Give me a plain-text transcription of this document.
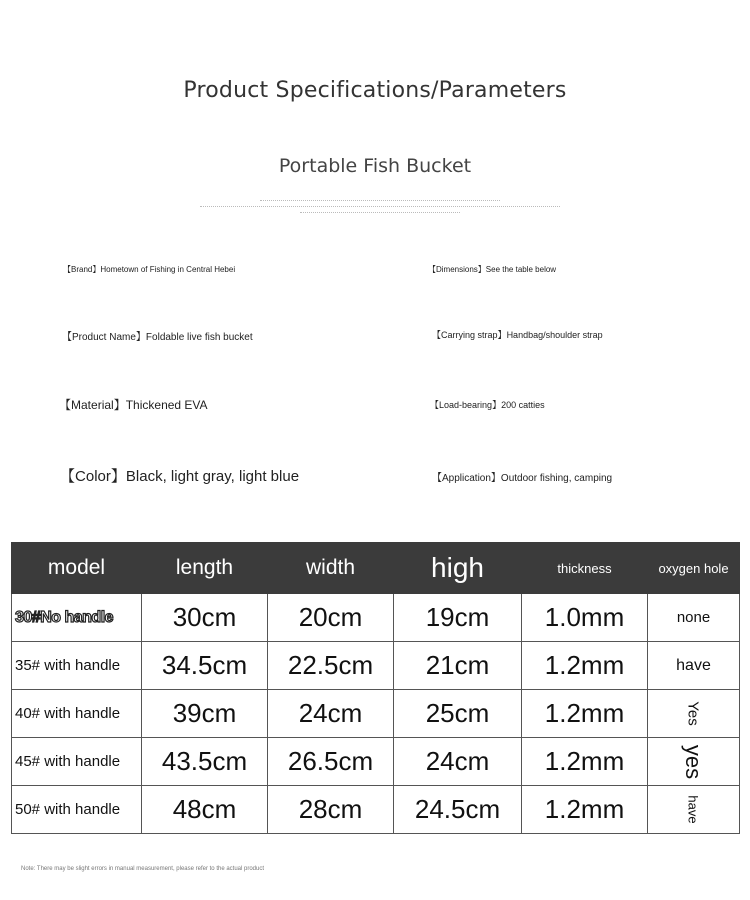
Product Specifications/Parameters
Portable Fish Bucket
【 Brand 】 Hometown of Fishing in Central Hebei	【 Dimensions 】 See the table below
【 Product Name 】 Foldable live fish bucket	【 Carrying strap 】 Handbag/shoulder strap
【 Material 】 Thickened EVA	【 Load-bearing 】 200 catties
【 Color 】 Black, light gray, light blue	【 Application 】 Outdoor fishing, camping
model	length	width	high	thickness	oxygen hole
30#No handle	30cm	20cm	19cm	1.0mm	none
35# with handle	34.5cm	22.5cm	21cm	1.2mm	have
40# with handle	39cm	24cm	25cm	1.2mm	Yes
45# with handle	43.5cm	26.5cm	24cm	1.2mm	yes
50# with handle	48cm	28cm	24.5cm	1.2mm	have
Note: There may be slight errors in manual measurement, please refer to the actual product
